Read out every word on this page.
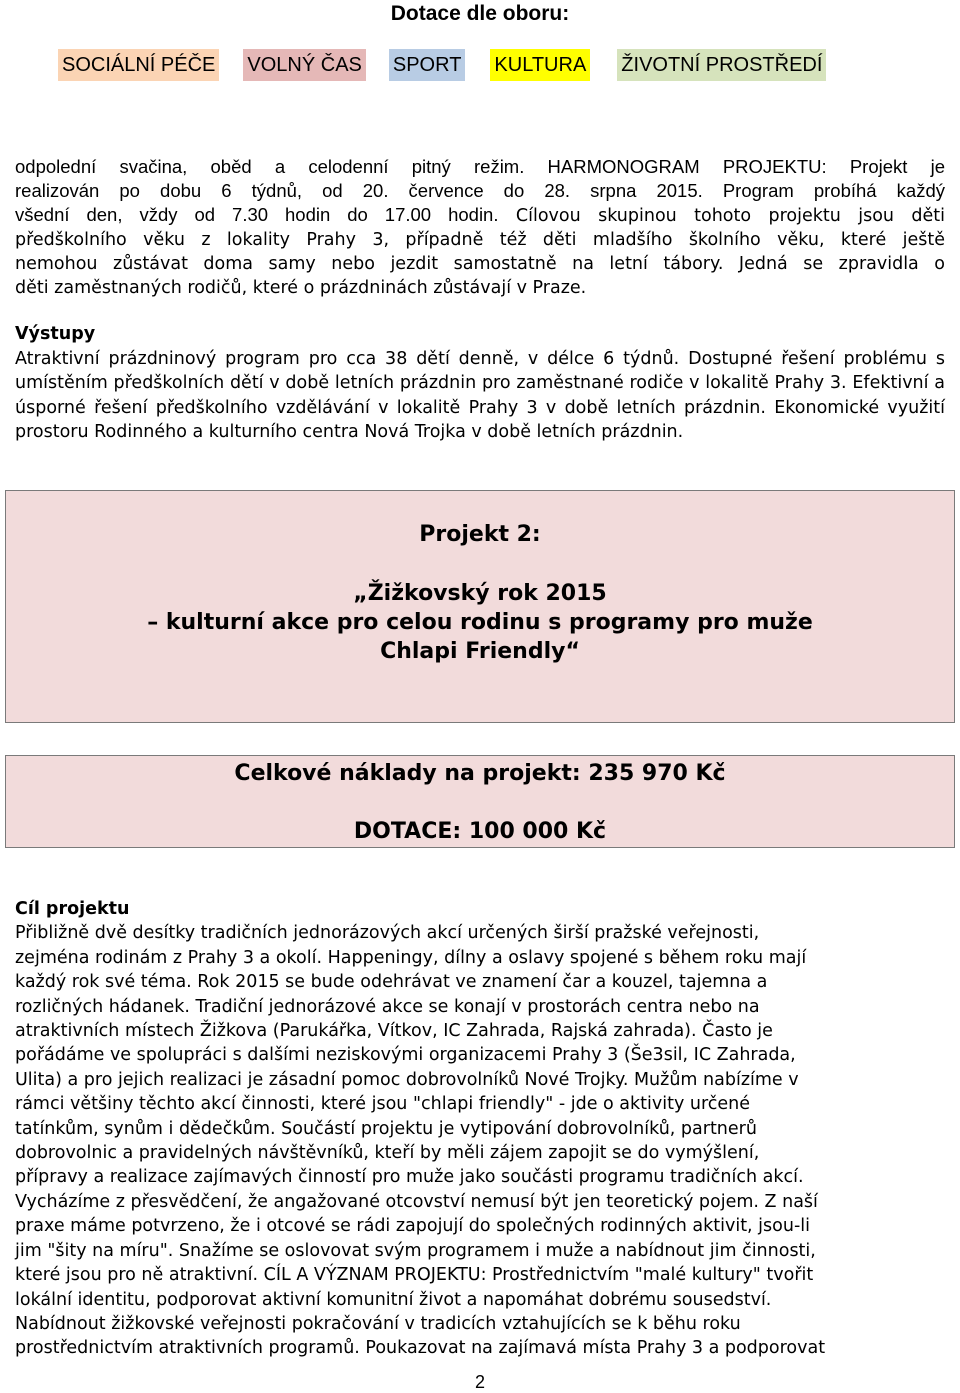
Dotace dle oboru:
SOCIÁLNÍ PÉČE VOLNÝ ČAS SPORT KULTURA ŽIVOTNÍ PROSTŘEDÍ
odpolední svačina, oběd a celodenní pitný režim. HARMONOGRAM PROJEKTU: Projekt je
realizován po dobu 6 týdnů, od 20. července do 28. srpna 2015. Program probíhá každý
všední den, vždy od 7.30 hodin do 17.00 hodin. Cílovou skupinou tohoto projektu jsou děti
předškolního věku z lokality Prahy 3, případně též děti mladšího školního věku, které ještě
nemohou zůstávat doma samy nebo jezdit samostatně na letní tábory. Jedná se zpravidla o
děti zaměstnaných rodičů, které o prázdninách zůstávají v Praze.
Výstupy
Atraktivní prázdninový program pro cca 38 dětí denně, v délce 6 týdnů. Dostupné řešení problému s umístěním předškolních dětí v době letních prázdnin pro zaměstnané rodiče v lokalitě Prahy 3. Efektivní a úsporné řešení předškolního vzdělávání v lokalitě Prahy 3 v době letních prázdnin. Ekonomické využití prostoru Rodinného a kulturního centra Nová Trojka v době letních prázdnin.
Projekt 2:
„Žižkovský rok 2015
– kulturní akce pro celou rodinu s programy pro muže
Chlapi Friendly“
Celkové náklady na projekt: 235 970 Kč
DOTACE: 100 000 Kč
Cíl projektu
Přibližně dvě desítky tradičních jednorázových akcí určených širší pražské veřejnosti,
zejména rodinám z Prahy 3 a okolí. Happeningy, dílny a oslavy spojené s během roku mají
každý rok své téma. Rok 2015 se bude odehrávat ve znamení čar a kouzel, tajemna a
rozličných hádanek. Tradiční jednorázové akce se konají v prostorách centra nebo na
atraktivních místech Žižkova (Parukářka, Vítkov, IC Zahrada, Rajská zahrada). Často je
pořádáme ve spolupráci s dalšími neziskovými organizacemi Prahy 3 (Še3sil, IC Zahrada,
Ulita) a pro jejich realizaci je zásadní pomoc dobrovolníků Nové Trojky. Mužům nabízíme v
rámci většiny těchto akcí činnosti, které jsou "chlapi friendly" - jde o aktivity určené
tatínkům, synům i dědečkům. Součástí projektu je vytipování dobrovolníků, partnerů
dobrovolnic a pravidelných návštěvníků, kteří by měli zájem zapojit se do vymýšlení,
přípravy a realizace zajímavých činností pro muže jako součásti programu tradičních akcí.
Vycházíme z přesvědčení, že angažované otcovství nemusí být jen teoretický pojem. Z naší
praxe máme potvrzeno, že i otcové se rádi zapojují do společných rodinných aktivit, jsou-li
jim "šity na míru". Snažíme se oslovovat svým programem i muže a nabídnout jim činnosti,
které jsou pro ně atraktivní. CÍL A VÝZNAM PROJEKTU: Prostřednictvím "malé kultury" tvořit
lokální identitu, podporovat aktivní komunitní život a napomáhat dobrému sousedství.
Nabídnout žižkovské veřejnosti pokračování v tradicích vztahujících se k běhu roku
prostřednictvím atraktivních programů. Poukazovat na zajímavá místa Prahy 3 a podporovat
2
